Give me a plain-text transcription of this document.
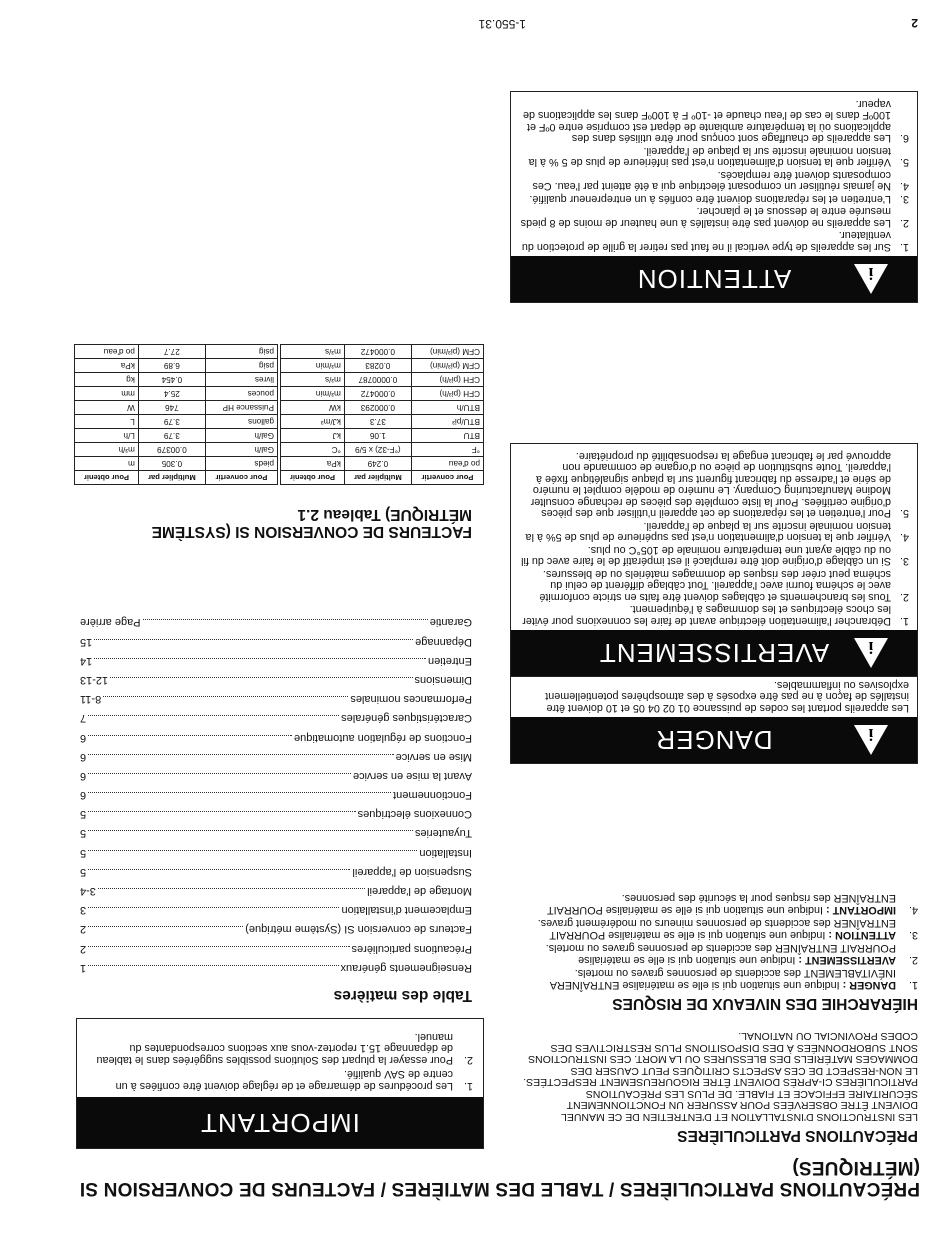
PRÉCAUTIONS PARTICULIÈRES / TABLE DES MATIÈRES / FACTEURS DE CONVERSION SI (MÉTRIQUES)
PRÉCAUTIONS PARTICULIÈRES
LES INSTRUCTIONS D'INSTALLATION ET D'ENTRETIEN DE CE MANUEL DOIVENT ÊTRE OBSERVÉES POUR ASSURER UN FONCTIONNEMENT SÉCURITAIRE EFFICACE ET FIABLE. DE PLUS LES PRÉCAUTIONS PARTICULIÈRES CI-APRÈS DOIVENT ÊTRE RIGOUREUSEMENT RESPECTÉES. LE NON-RESPECT DE CES ASPECTS CRITIQUES PEUT CAUSER DES DOMMAGES MATÉRIELS DES BLESSURES OU LA MORT. CES INSTRUCTIONS SONT SUBORDONNÉES À DES DISPOSITIONS PLUS RESTRICTIVES DES CODES PROVINCIAL OU NATIONAL.
HIÉRARCHIE DES NIVEAUX DE RISQUES
1.
DANGER : Indique une situation qui si elle se matérialise ENTRAÎNERA INÉVITABLEMENT des accidents de personnes graves ou mortels.
2.
AVERTISSEMENT : Indique une situation qui si elle se matérialise POURRAIT ENTRAÎNER des accidents de personnes graves ou mortels.
3.
ATTENTION : Indique une situation qui si elle se matérialise POURRAIT ENTRAÎNER des accidents de personnes mineurs ou modérément graves.
4.
IMPORTANT : Indique une situation qui si elle se matérialise POURRAIT ENTRAÎNER des risques pour la sécurité des personnes.
i
DANGER
Les appareils portant les codes de puissance 01 02 04 05 et 10 doivent être installés de façon à ne pas être exposés à des atmosphères potentiellement explosives ou inflammables.
i
AVERTISSEMENT
1.
Débrancher l'alimentation électrique avant de faire les connexions pour éviter les chocs électriques et les dommages à l'équipement.
2.
Tous les branchements et câblages doivent être faits en stricte conformité avec le schéma fourni avec l'appareil. Tout câblage différent de celui du schéma peut créer des risques de dommages matériels ou de blessures.
3.
Si un câblage d'origine doit être remplacé il est impératif de le faire avec du fil ou du câble ayant une température nominale de 105°C ou plus.
4.
Vérifier que la tension d'alimentation n'est pas supérieure de plus de 5% à la tension nominale inscrite sur la plaque de l'appareil.
5.
Pour l'entretien et les réparations de cet appareil n'utiliser que des pièces d'origine certifiées. Pour la liste complète des pièces de rechange consulter Modine Manufacturing Company. Le numéro de modèle complet le numéro de série et l'adresse du fabricant figurent sur la plaque signalétique fixée à l'appareil. Toute substitution de pièce ou d'organe de commande non approuvé par le fabricant engage la responsabilité du propriétaire.
i
ATTENTION
1.
Sur les appareils de type vertical il ne faut pas retirer la grille de protection du ventilateur.
2.
Les appareils ne doivent pas être installés à une hauteur de moins de 8 pieds mesurée entre le dessous et le plancher.
3.
L'entretien et les réparations doivent être confiés à un entrepreneur qualifié.
4.
Ne jamais réutiliser un composant électrique qui a été atteint par l'eau. Ces composants doivent être remplacés.
5.
Vérifier que la tension d'alimentation n'est pas inférieure de plus de 5 % à la tension nominale inscrite sur la plaque de l'appareil.
6.
Les appareils de chauffage sont conçus pour être utilisés dans des applications où la température ambiante de départ est comprise entre 0ºF et 100ºF dans le cas de l'eau chaude et -10º F à 100ºF dans les applications de vapeur.
IMPORTANT
1.
Les procédures de démarrage et de réglage doivent être confiées à un centre de SAV qualifié.
2.
Pour essayer la plupart des Solutions possibles suggérées dans le tableau de dépannage 15.1 reportez-vous aux sections correspondantes du manuel.
Table des matières
Renseignements généraux
1
Précautions particulières
2
Facteurs de conversion SI (Système métrique)
2
Emplacement d'installation
3
Montage de l'appareil
3-4
Suspension de l'appareil
5
Installation
5
Tuyauteries
5
Connexions électriques
5
Fonctionnement
6
Avant la mise en service
6
Mise en service
6
Fonctions de régulation automatique
6
Caractéristiques générales
7
Performances nominales
8-11
Dimensions
12-13
Entretien
14
Dépannage
15
Garantie
Page arrière
FACTEURS DE CONVERSION SI (SYSTÈME MÉTRIQUE) Tableau 2.1
Pour convertir	Multiplier par	Pour obtenir
po d'eau	0.249	kPa
°F	(°F-32) x 5/9	°C
BTU	1.06	kJ
BTU/pi³	37.3	kJ/m³
BTU/h	0.000293	kW
CFH (pi³/h)	0.000472	m³/min
CFH (pi³/h)	0.0000787	m³/s
CFM (pi³/min)	0.0283	m³/min
CFM (pi³/min)	0.000472	m³/s
Pour convertir	Multiplier par	Pour obtenir
pieds	0.305	m
Gal/h	0.00379	m³/h
Gal/h	3.79	L/h
gallons	3.79	L
Puissance HP	746	W
pouces	25.4	mm
livres	0.454	kg
psig	6.89	kPa
psig	27.7	po d'eau
2
1-550.31
